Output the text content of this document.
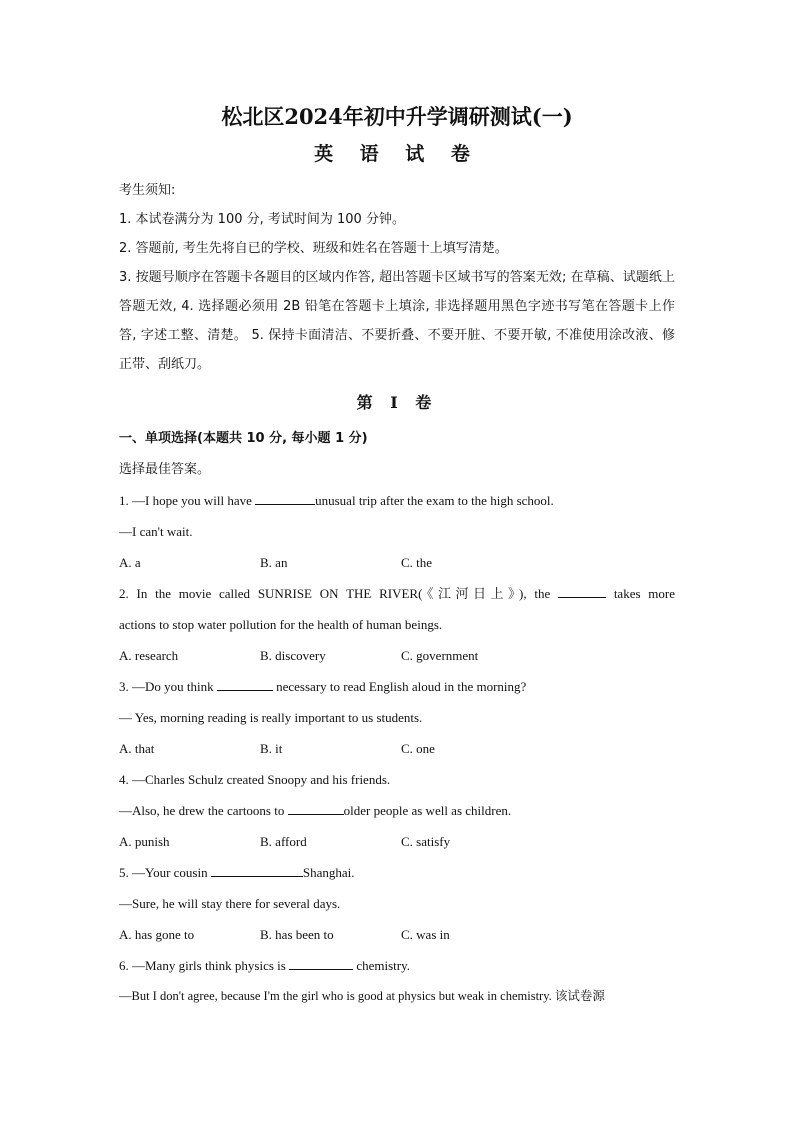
松北区2024年初中升学调研测试(一)
英 语 试 卷

考生须知:

1. 本试卷满分为 100 分, 考试时间为 100 分钟。

2. 答题前, 考生先将自已的学校、班级和姓名在答题十上填写清楚。

3. 按题号顺序在答题卡各题目的区域内作答, 超出答题卡区域书写的答案无效; 在草稿、试题纸上答题无效, 4. 选择题必须用 2B 铅笔在答题卡上填涂, 非选择题用黑色字迹书写笔在答题卡上作答, 字述工整、清楚。 5. 保持卡面清洁、不要折叠、不要开脏、不要开敏, 不准使用涂改液、修正带、刮纸刀。

第 I 卷

一、单项选择(本题共 10 分, 每小题 1 分)

选择最佳答案。

1. —I hope you will have	unusual trip after the exam to the high school.

—I can't wait.

A. a	B. an	C. the

2. In the movie called SUNRISE ON THE RIVER(《江河日上》), the	takes more

actions to stop water pollution for the health of human beings.

A. research	B. discovery	C. government

3. —Do you think	necessary to read English aloud in the morning?

— Yes, morning reading is really important to us students.

A. that	B. it	C. one

4. —Charles Schulz created Snoopy and his friends.

—Also, he drew the cartoons to	older people as well as children.

A. punish	B. afford	C. satisfy

5. —Your cousin	Shanghai.

—Sure, he will stay there for several days.

A. has gone to	B. has been to	C. was in

6. —Many girls think physics is	chemistry.

—But I don't agree, because I'm the girl who is good at physics but weak in chemistry. 该试卷源
